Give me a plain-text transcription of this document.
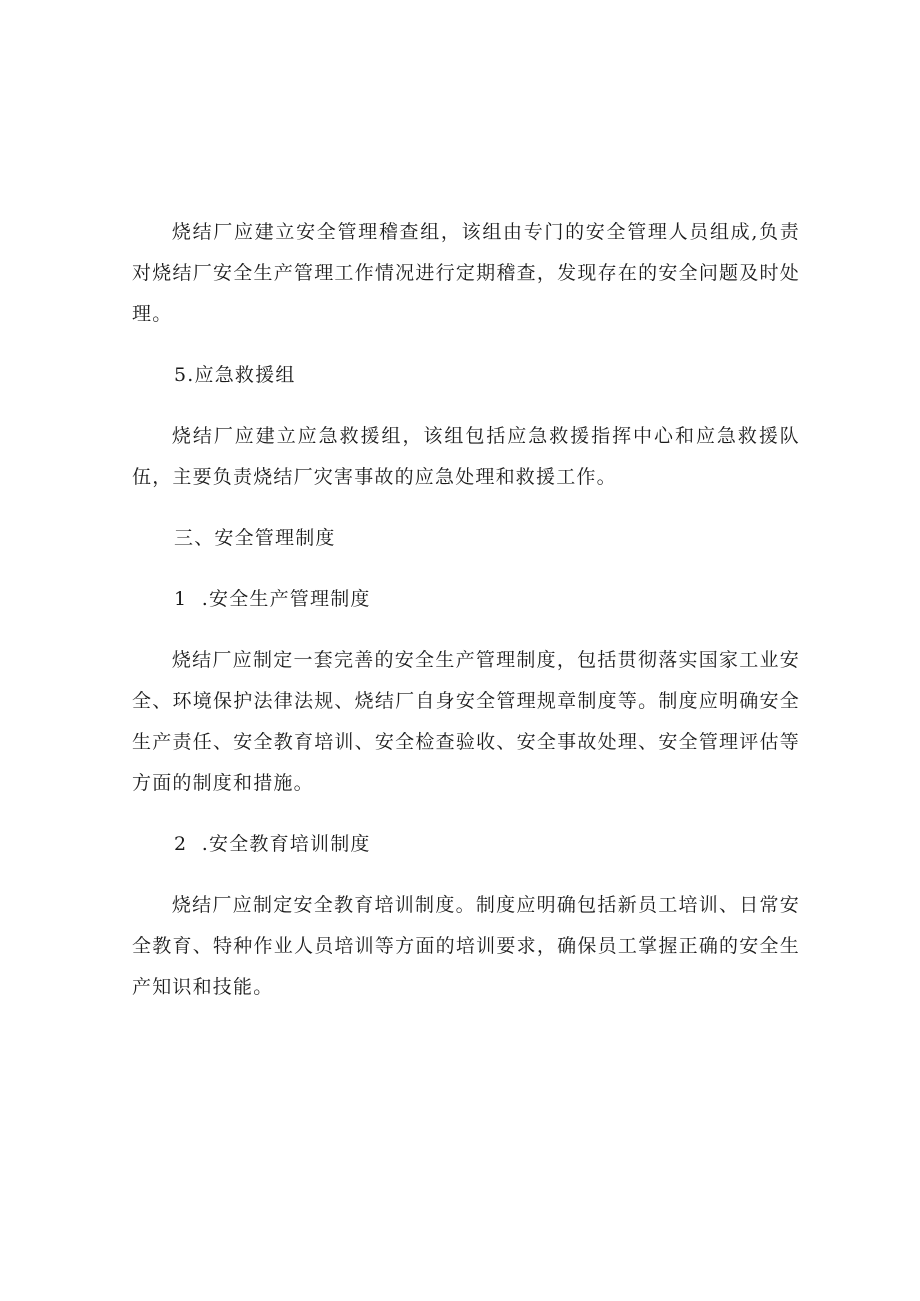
烧结厂应建立安全管理稽查组，该组由专门的安全管理人员组成,负责对烧结厂安全生产管理工作情况进行定期稽查，发现存在的安全问题及时处理。

5.应急救援组

烧结厂应建立应急救援组，该组包括应急救援指挥中心和应急救援队伍，主要负责烧结厂灾害事故的应急处理和救援工作。

三、安全管理制度

1  .安全生产管理制度

烧结厂应制定一套完善的安全生产管理制度，包括贯彻落实国家工业安全、环境保护法律法规、烧结厂自身安全管理规章制度等。制度应明确安全生产责任、安全教育培训、安全检查验收、安全事故处理、安全管理评估等方面的制度和措施。

2  .安全教育培训制度

烧结厂应制定安全教育培训制度。制度应明确包括新员工培训、日常安全教育、特种作业人员培训等方面的培训要求，确保员工掌握正确的安全生产知识和技能。
